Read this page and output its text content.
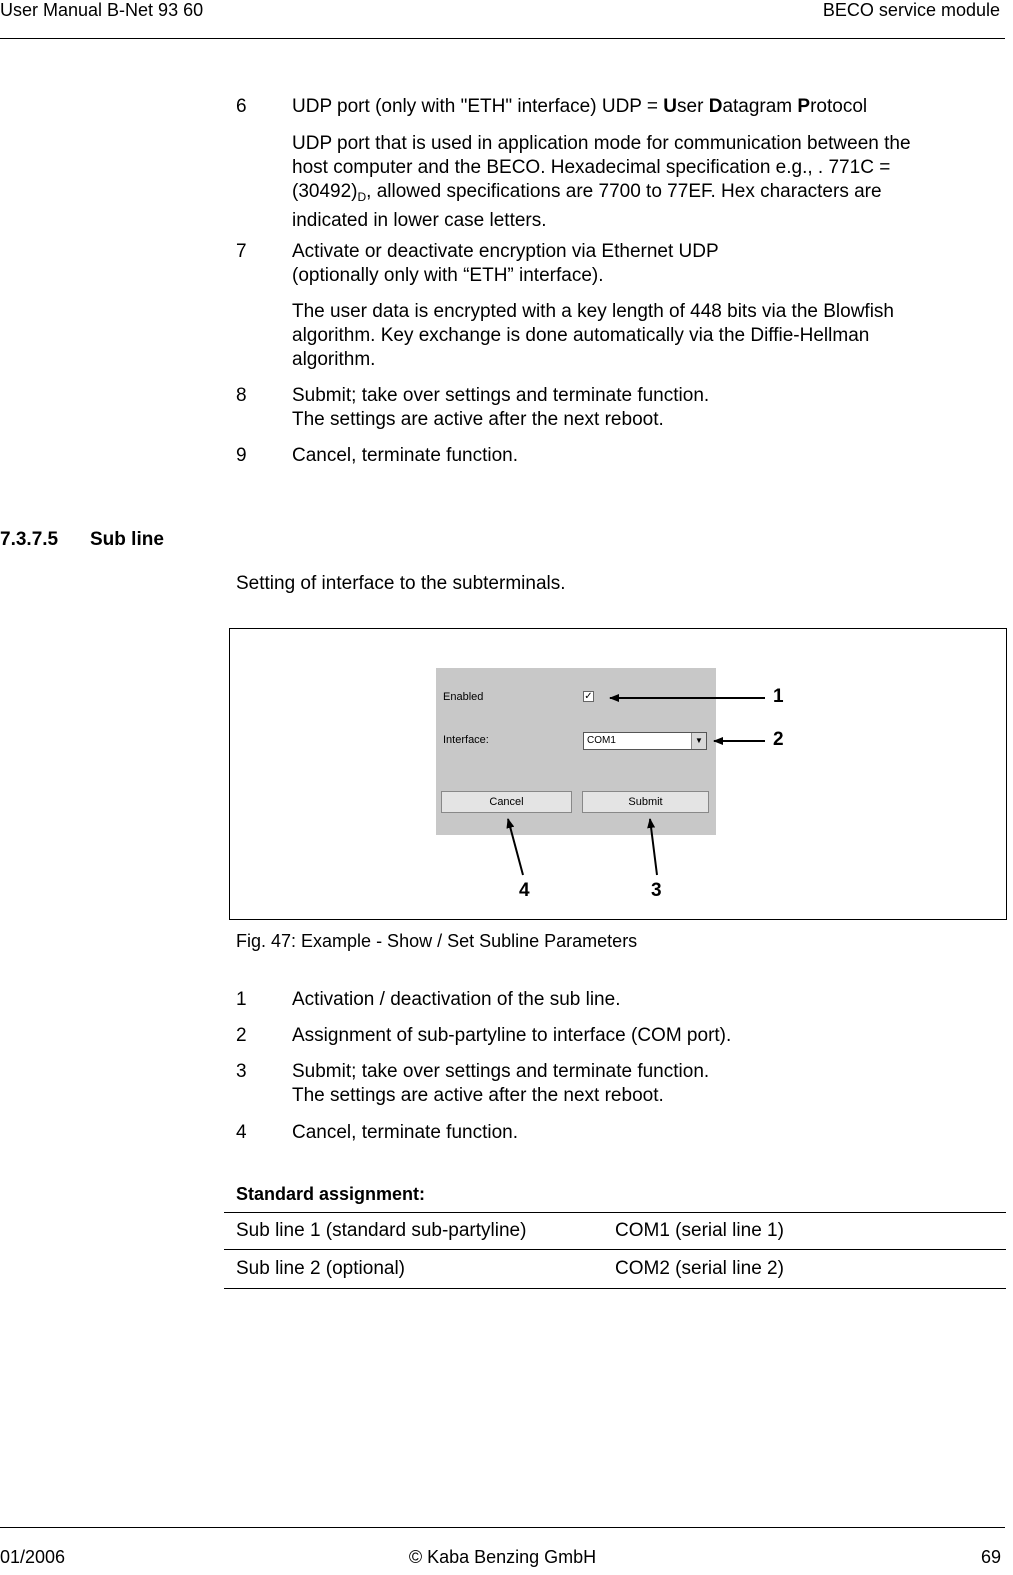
User Manual B-Net 93 60	BECO service module
6	UDP port (only with "ETH" interface) UDP = User Datagram Protocol
UDP port that is used in application mode for communication between the
host computer and the BECO. Hexadecimal specification e.g., . 771C =
$(30492)_D$, allowed specifications are 7700 to 77EF. Hex characters are
indicated in lower case letters.
7	Activate or deactivate encryption via Ethernet UDP
(optionally only with “ETH” interface).
The user data is encrypted with a key length of 448 bits via the Blowfish
algorithm. Key exchange is done automatically via the Diffie-Hellman
algorithm.
8	Submit; take over settings and terminate function.
The settings are active after the next reboot.
9	Cancel, terminate function.
7.3.7.5 Sub line
Setting of interface to the subterminals.
Enabled	✓
Interface:	COM1	▼
Cancel	Submit
1
2
3
4
Fig. 47: Example - Show / Set Subline Parameters
1	Activation / deactivation of the sub line.
2	Assignment of sub-partyline to interface (COM port).
3	Submit; take over settings and terminate function.
The settings are active after the next reboot.
4	Cancel, terminate function.
Standard assignment:
Sub line 1 (standard sub-partyline)	COM1 (serial line 1)
Sub line 2 (optional)	COM2 (serial line 2)
01/2006	© Kaba Benzing GmbH	69
